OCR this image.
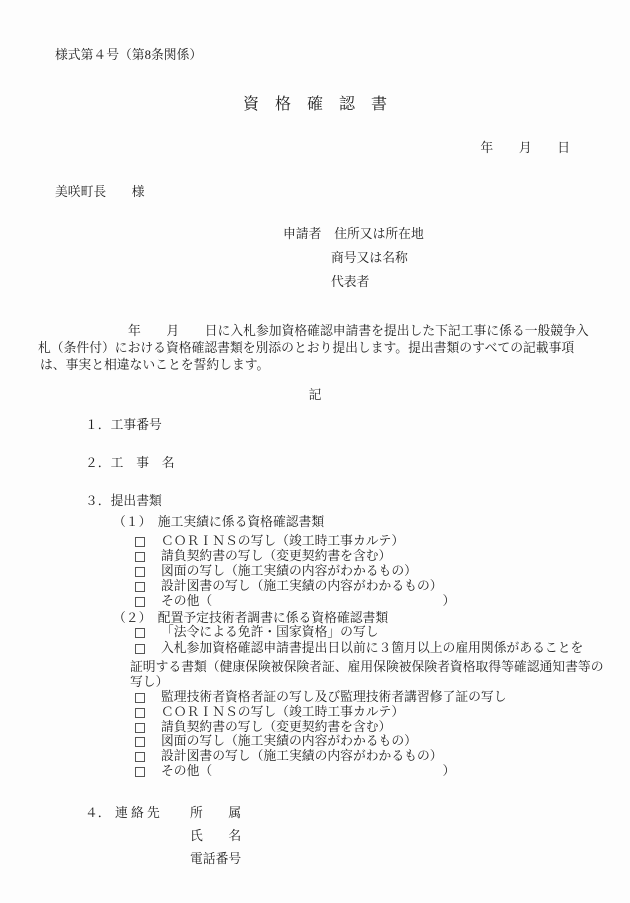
様式第４号（第8条関係）
資　格　確　認　書
年　　月　　日
美咲町長　　様
申請者　住所又は所在地
商号又は名称
代表者
年　　月　　日に入札参加資格確認申請書を提出した下記工事に係る一般競争入
札（条件付）における資格確認書類を別添のとおり提出します。提出書類のすべての記載事項
は、事実と相違ないことを誓約します。
記
１．工事番号
２．工　事　名
３．提出書類
（１）　施工実績に係る資格確認書類
ＣＯＲＩＮＳの写し（竣工時工事カルテ）
請負契約書の写し（変更契約書を含む）
図面の写し（施工実績の内容がわかるもの）
設計図書の写し（施工実績の内容がわかるもの）
その他（　　　　　　　　　　　　　　　　　　）
（２）　配置予定技術者調書に係る資格確認書類
「法令による免許・国家資格」の写し
入札参加資格確認申請書提出日以前に３箇月以上の雇用関係があることを
証明する書類（健康保険被保険者証、雇用保険被保険者資格取得等確認通知書等の
写し）
監理技術者資格者証の写し及び監理技術者講習修了証の写し
ＣＯＲＩＮＳの写し（竣工時工事カルテ）
請負契約書の写し（変更契約書を含む）
図面の写し（施工実績の内容がわかるもの）
設計図書の写し（施工実績の内容がわかるもの）
その他（　　　　　　　　　　　　　　　　　　）
４． 連 絡 先 所　　属
氏　　名
電話番号
